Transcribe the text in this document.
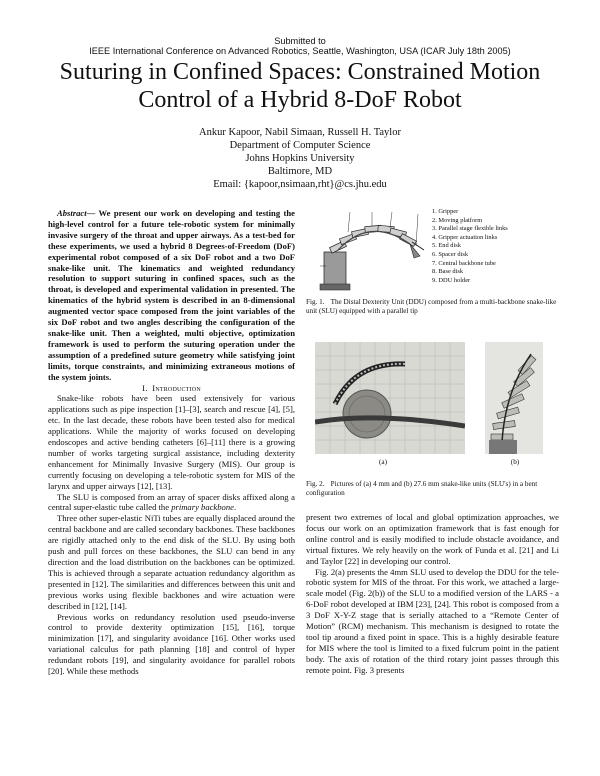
Submitted to
IEEE International Conference on Advanced Robotics, Seattle, Washington, USA (ICAR July 18th 2005)
Suturing in Confined Spaces: Constrained Motion
Control of a Hybrid 8-DoF Robot
Ankur Kapoor, Nabil Simaan, Russell H. Taylor
Department of Computer Science
Johns Hopkins University
Baltimore, MD
Email: {kapoor,nsimaan,rht}@cs.jhu.edu

Abstract— We present our work on developing and testing the high-level control for a future tele-robotic system for minimally invasive surgery of the throat and upper airways. As a test-bed for these experiments, we used a hybrid 8 Degrees-of-Freedom (DoF) experimental robot composed of a six DoF robot and a two DoF snake-like unit. The kinematics and weighted redundancy resolution to support suturing in confined spaces, such as the throat, is developed and experimental validation in presented. The kinematics of the hybrid system is described in an 8-dimensional augmented vector space composed from the joint variables of the six DoF robot and two angles describing the configuration of the snake-like unit. Then a weighted, multi objective, optimization framework is used to perform the suturing operation under the assumption of a predefined suture geometry while satisfying joint limits, torque constraints, and minimizing extraneous motions of the system joints.

I. Introduction

Snake-like robots have been used extensively for various applications such as pipe inspection [1]–[3], search and rescue [4], [5], etc. In the last decade, these robots have been tested also for medical applications. While the majority of works focused on developing endoscopes and active bending catheters [6]–[11] there is a growing number of works targeting surgical assistance, including dexterity enhancement for Minimally Invasive Surgery (MIS). Our group is currently focusing on developing a tele-robotic system for MIS of the larynx and upper airways [12], [13].

The SLU is composed from an array of spacer disks affixed along a central super-elastic tube called the primary backbone.

Three other super-elastic NiTi tubes are equally displaced around the central backbone and are called secondary backbones. These backbones are rigidly attached only to the end disk of the SLU. By using both push and pull forces on these backbones, the SLU can bend in any direction and the load distribution on the backbones can be optimized. This is achieved through a separate actuation redundancy algorithm as presented in [12]. The similarities and differences between this unit and previous works using flexible backbones and wire actuation were described in [12], [14].

Previous works on redundancy resolution used pseudo-inverse control to provide dexterity optimization [15], [16], torque minimization [17], and singularity avoidance [16]. Other works used variational calculus for path planning [18] and control of hyper redundant robots [19], and singularity avoidance for parallel robots [20]. While these methods

1. Gripper
2. Moving platform
3. Parallel stage flexible links
4. Gripper actuation links
5. End disk
6. Spacer disk
7. Central backbone tube
8. Base disk
9. DDU holder
Fig. 1. The Distal Dexterity Unit (DDU) composed from a multi-backbone snake-like unit (SLU) equipped with a parallel tip
(a)	(b)
Fig. 2. Pictures of (a) 4 mm and (b) 27.6 mm snake-like units (SLU's) in a bent configuration

present two extremes of local and global optimization approaches, we focus our work on an optimization framework that is fast enough for online control and is easily modified to include obstacle avoidance, and virtual fixtures. We rely heavily on the work of Funda et al. [21] and Li and Taylor [22] in developing our control.

Fig. 2(a) presents the 4mm SLU used to develop the DDU for the tele-robotic system for MIS of the throat. For this work, we attached a large-scale model (Fig. 2(b)) of the SLU to a modified version of the LARS - a 6-DoF robot developed at IBM [23], [24]. This robot is composed from a 3 DoF X-Y-Z stage that is serially attached to a “Remote Center of Motion” (RCM) mechanism. This mechanism is designed to rotate the tool tip around a fixed point in space. This is a highly desirable feature for MIS where the tool is limited to a fixed fulcrum point in the patient body. The axis of rotation of the third rotary joint passes through this remote point. Fig. 3 presents
